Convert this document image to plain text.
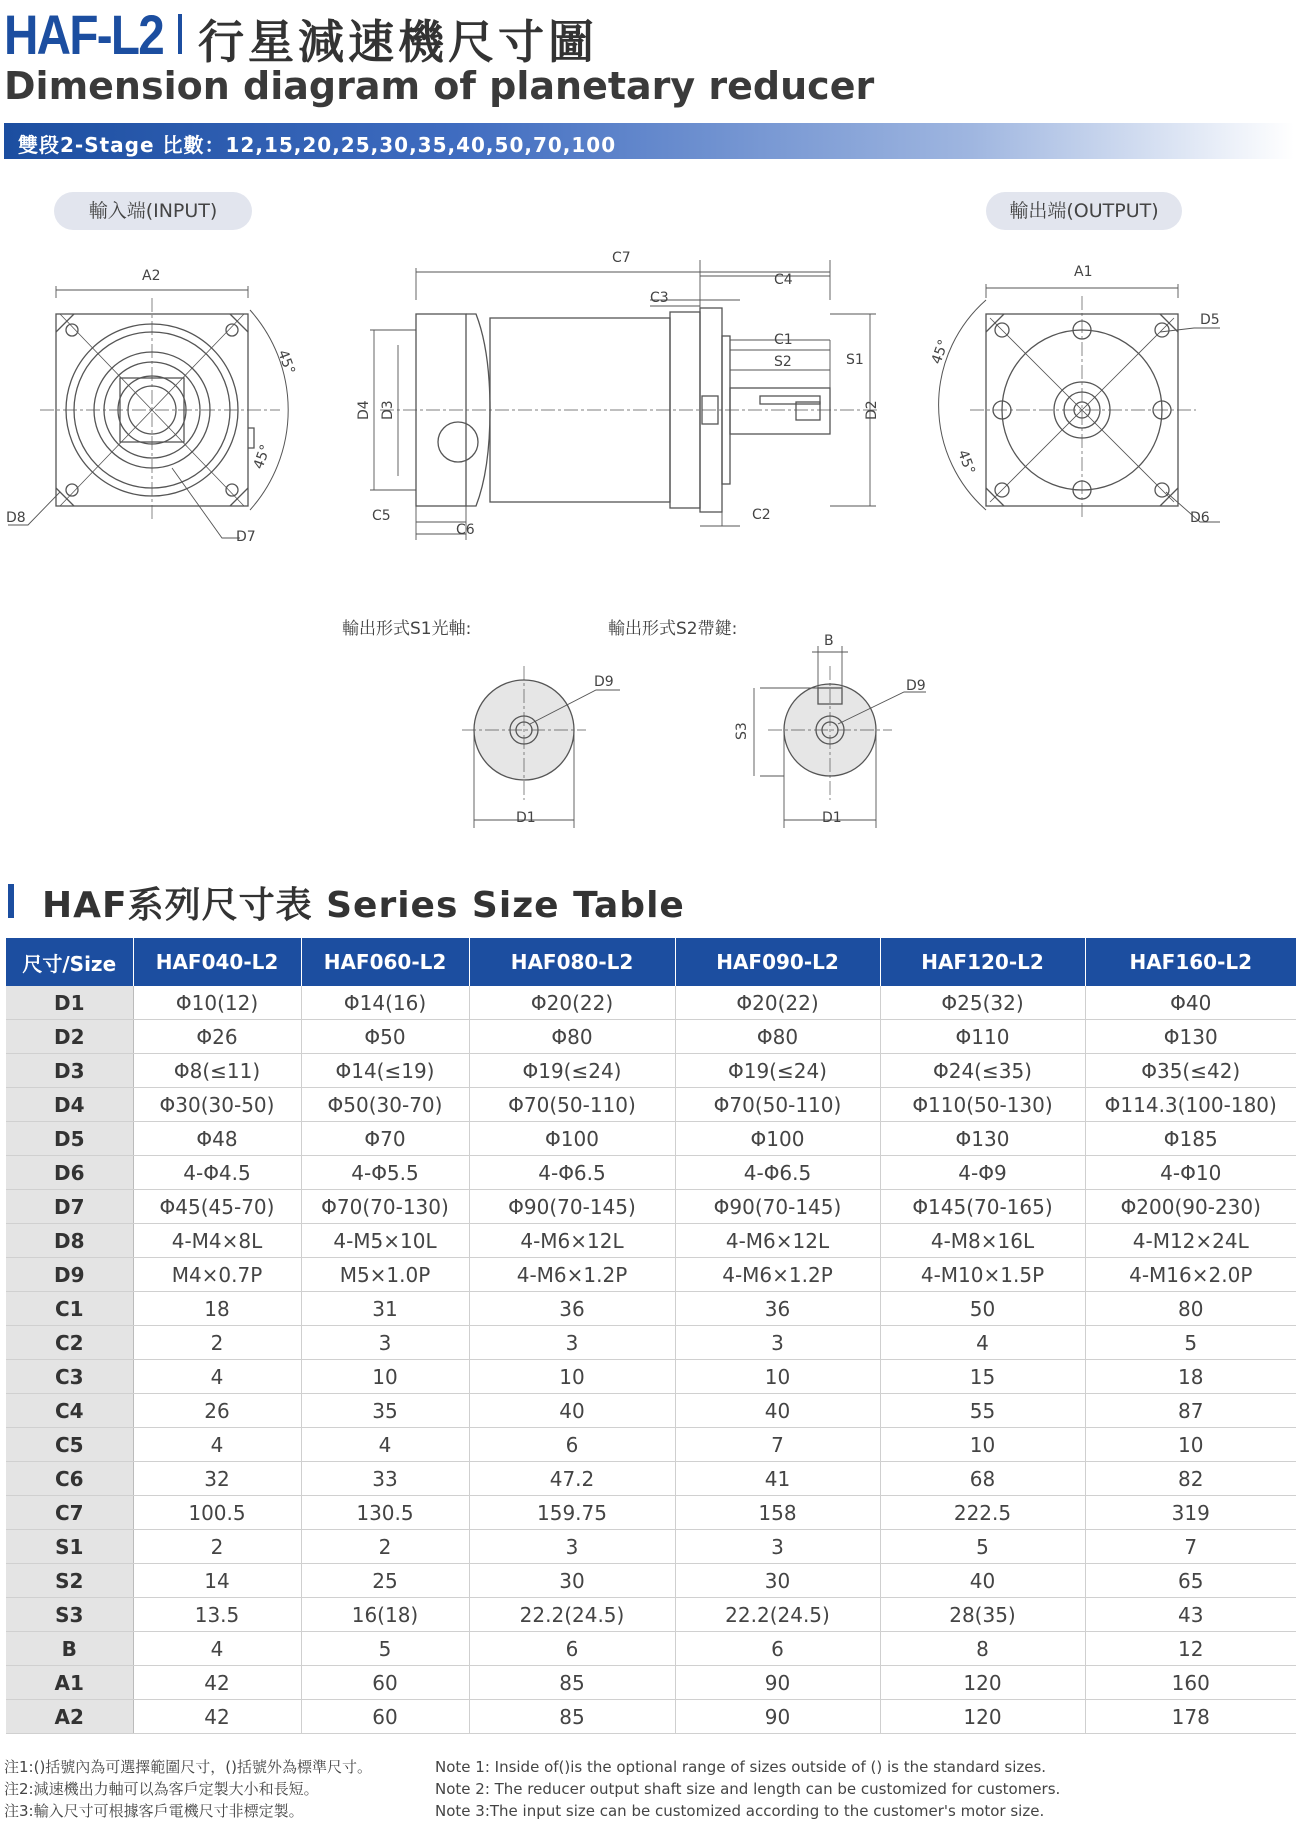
HAF-L2 行星減速機尺寸圖
Dimension diagram of planetary reducer
雙段2-Stage 比數：12,15,20,25,30,35,40,50,70,100
輸入端(INPUT)	輸出端(OUTPUT)
A2
D8
D7
45°
45°
C7
C4
C3
C1
S2	S1
D4 D3	D2
C5
C6
C2
A1
D5
D6
45°
45°
D9
D1
B
D9
D1
S3
輸出形式S1光軸:	輸出形式S2帶鍵:
HAF系列尺寸表 Series Size Table
尺寸/Size	HAF040-L2	HAF060-L2	HAF080-L2	HAF090-L2	HAF120-L2	HAF160-L2
D1	Φ10(12)	Φ14(16)	Φ20(22)	Φ20(22)	Φ25(32)	Φ40
D2	Φ26	Φ50	Φ80	Φ80	Φ110	Φ130
D3	Φ8(≤11)	Φ14(≤19)	Φ19(≤24)	Φ19(≤24)	Φ24(≤35)	Φ35(≤42)
D4	Φ30(30-50)	Φ50(30-70)	Φ70(50-110)	Φ70(50-110)	Φ110(50-130)	Φ114.3(100-180)
D5	Φ48	Φ70	Φ100	Φ100	Φ130	Φ185
D6	4-Φ4.5	4-Φ5.5	4-Φ6.5	4-Φ6.5	4-Φ9	4-Φ10
D7	Φ45(45-70)	Φ70(70-130)	Φ90(70-145)	Φ90(70-145)	Φ145(70-165)	Φ200(90-230)
D8	4-M4×8L	4-M5×10L	4-M6×12L	4-M6×12L	4-M8×16L	4-M12×24L
D9	M4×0.7P	M5×1.0P	4-M6×1.2P	4-M6×1.2P	4-M10×1.5P	4-M16×2.0P
C1	18	31	36	36	50	80
C2	2	3	3	3	4	5
C3	4	10	10	10	15	18
C4	26	35	40	40	55	87
C5	4	4	6	7	10	10
C6	32	33	47.2	41	68	82
C7	100.5	130.5	159.75	158	222.5	319
S1	2	2	3	3	5	7
S2	14	25	30	30	40	65
S3	13.5	16(18)	22.2(24.5)	22.2(24.5)	28(35)	43
B	4	5	6	6	8	12
A1	42	60	85	90	120	160
A2	42	60	85	90	120	178
注1:()括號內為可選擇範圍尺寸，()括號外為標準尺寸。
注2:減速機出力軸可以為客戶定製大小和長短。
注3:輸入尺寸可根據客戶電機尺寸非標定製。
Note 1: Inside of()is the optional range of sizes outside of () is the standard sizes.
Note 2: The reducer output shaft size and length can be customized for customers.
Note 3:The input size can be customized according to the customer's motor size.
